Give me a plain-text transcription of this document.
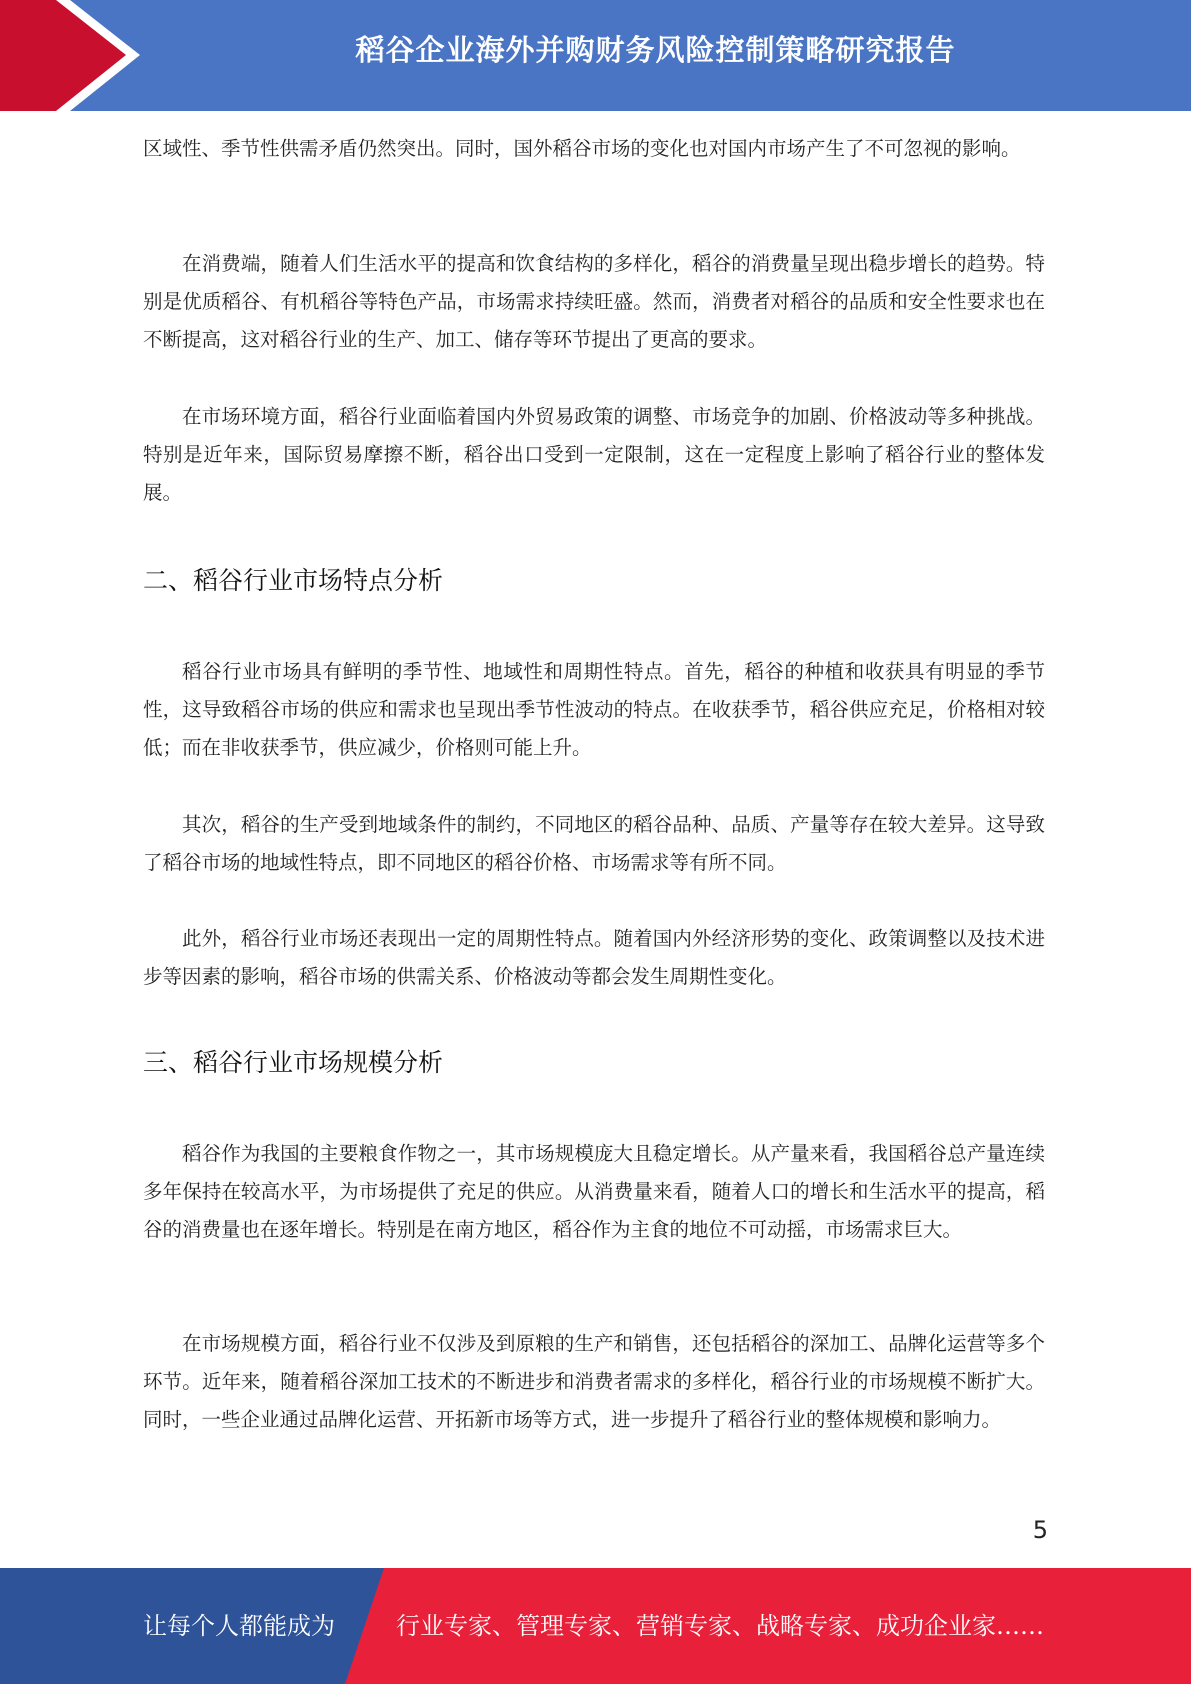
稻谷企业海外并购财务风险控制策略研究报告

区域性、季节性供需矛盾仍然突出。同时，国外稻谷市场的变化也对国内市场产生了不可忽视的影响。

在消费端，随着人们生活水平的提高和饮食结构的多样化，稻谷的消费量呈现出稳步增长的趋势。特别是优质稻谷、有机稻谷等特色产品，市场需求持续旺盛。然而，消费者对稻谷的品质和安全性要求也在不断提高，这对稻谷行业的生产、加工、储存等环节提出了更高的要求。

在市场环境方面，稻谷行业面临着国内外贸易政策的调整、市场竞争的加剧、价格波动等多种挑战。特别是近年来，国际贸易摩擦不断，稻谷出口受到一定限制，这在一定程度上影响了稻谷行业的整体发展。

二、稻谷行业市场特点分析

稻谷行业市场具有鲜明的季节性、地域性和周期性特点。首先，稻谷的种植和收获具有明显的季节性，这导致稻谷市场的供应和需求也呈现出季节性波动的特点。在收获季节，稻谷供应充足，价格相对较低；而在非收获季节，供应减少，价格则可能上升。

其次，稻谷的生产受到地域条件的制约，不同地区的稻谷品种、品质、产量等存在较大差异。这导致了稻谷市场的地域性特点，即不同地区的稻谷价格、市场需求等有所不同。

此外，稻谷行业市场还表现出一定的周期性特点。随着国内外经济形势的变化、政策调整以及技术进步等因素的影响，稻谷市场的供需关系、价格波动等都会发生周期性变化。

三、稻谷行业市场规模分析

稻谷作为我国的主要粮食作物之一，其市场规模庞大且稳定增长。从产量来看，我国稻谷总产量连续多年保持在较高水平，为市场提供了充足的供应。从消费量来看，随着人口的增长和生活水平的提高，稻谷的消费量也在逐年增长。特别是在南方地区，稻谷作为主食的地位不可动摇，市场需求巨大。

在市场规模方面，稻谷行业不仅涉及到原粮的生产和销售，还包括稻谷的深加工、品牌化运营等多个环节。近年来，随着稻谷深加工技术的不断进步和消费者需求的多样化，稻谷行业的市场规模不断扩大。同时，一些企业通过品牌化运营、开拓新市场等方式，进一步提升了稻谷行业的整体规模和影响力。

5
让每个人都能成为	行业专家、管理专家、营销专家、战略专家、成功企业家……
